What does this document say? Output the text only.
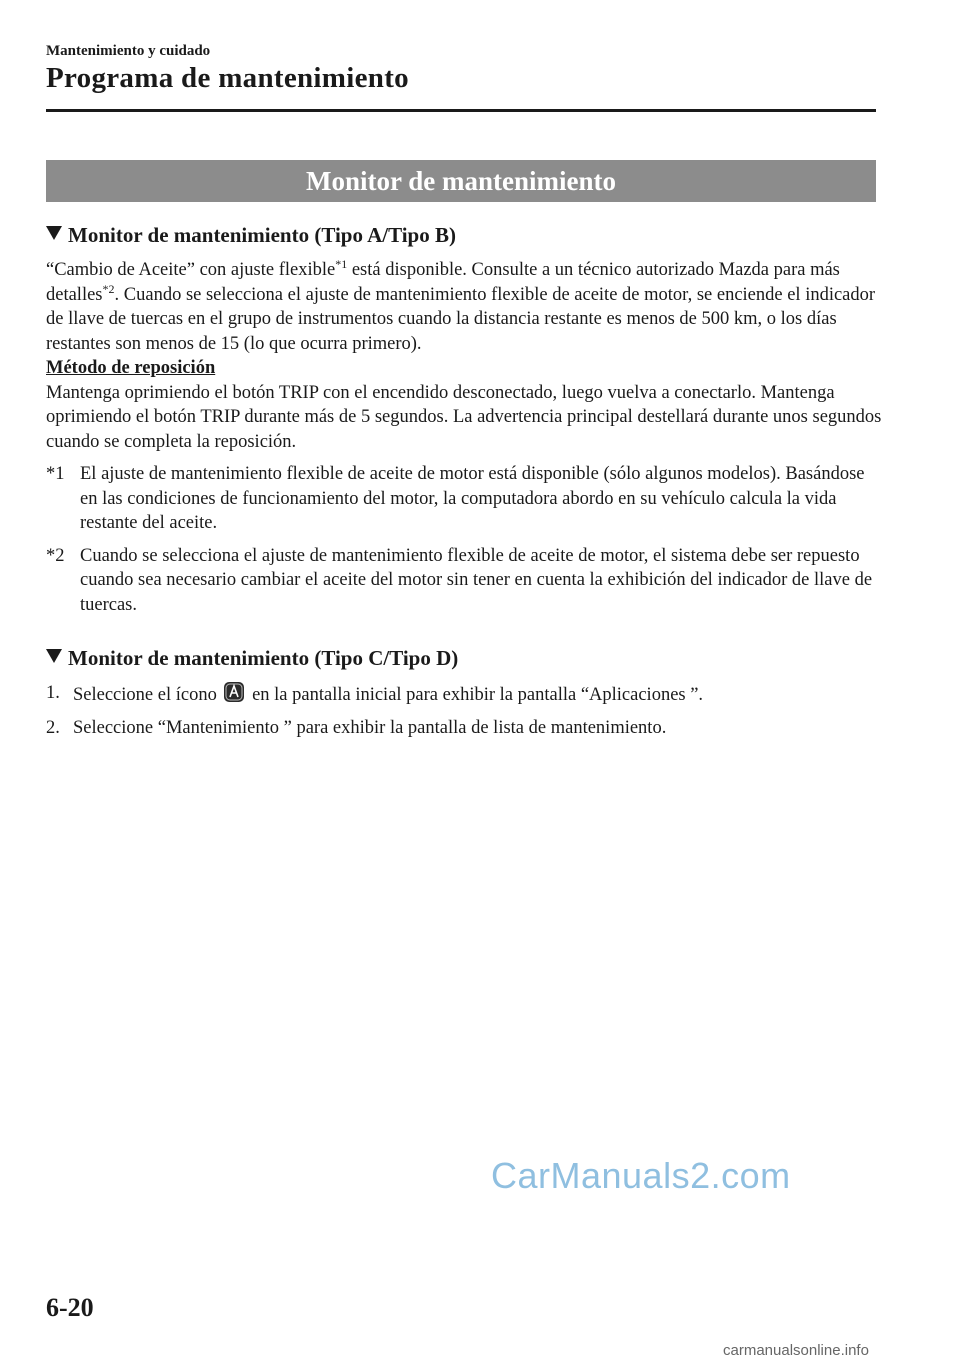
Mantenimiento y cuidado
Programa de mantenimiento
Monitor de mantenimiento
Monitor de mantenimiento (Tipo A/Tipo B)

“Cambio de Aceite” con ajuste flexible$^{*1}$ está disponible. Consulte a un técnico autorizado Mazda para más detalles$^{*2}$. Cuando se selecciona el ajuste de mantenimiento flexible de aceite de motor, se enciende el indicador de llave de tuercas en el grupo de instrumentos cuando la distancia restante es menos de 500 km, o los días restantes son menos de 15 (lo que ocurra primero).

Método de reposición

Mantenga oprimiendo el botón TRIP con el encendido desconectado, luego vuelva a conectarlo. Mantenga oprimiendo el botón TRIP durante más de 5 segundos. La advertencia principal destellará durante unos segundos cuando se completa la reposición.

*1 El ajuste de mantenimiento flexible de aceite de motor está disponible (sólo algunos modelos). Basándose en las condiciones de funcionamiento del motor, la computadora abordo en su vehículo calcula la vida restante del aceite.
*2 Cuando se selecciona el ajuste de mantenimiento flexible de aceite de motor, el sistema debe ser repuesto cuando sea necesario cambiar el aceite del motor sin tener en cuenta la exhibición del indicador de llave de tuercas.
Monitor de mantenimiento (Tipo C/Tipo D)
1. Seleccione el ícono  en la pantalla inicial para exhibir la pantalla “Aplicaciones ”.
2. Seleccione “Mantenimiento ” para exhibir la pantalla de lista de mantenimiento.
CarManuals2.com
6-20
carmanualsonline.info
